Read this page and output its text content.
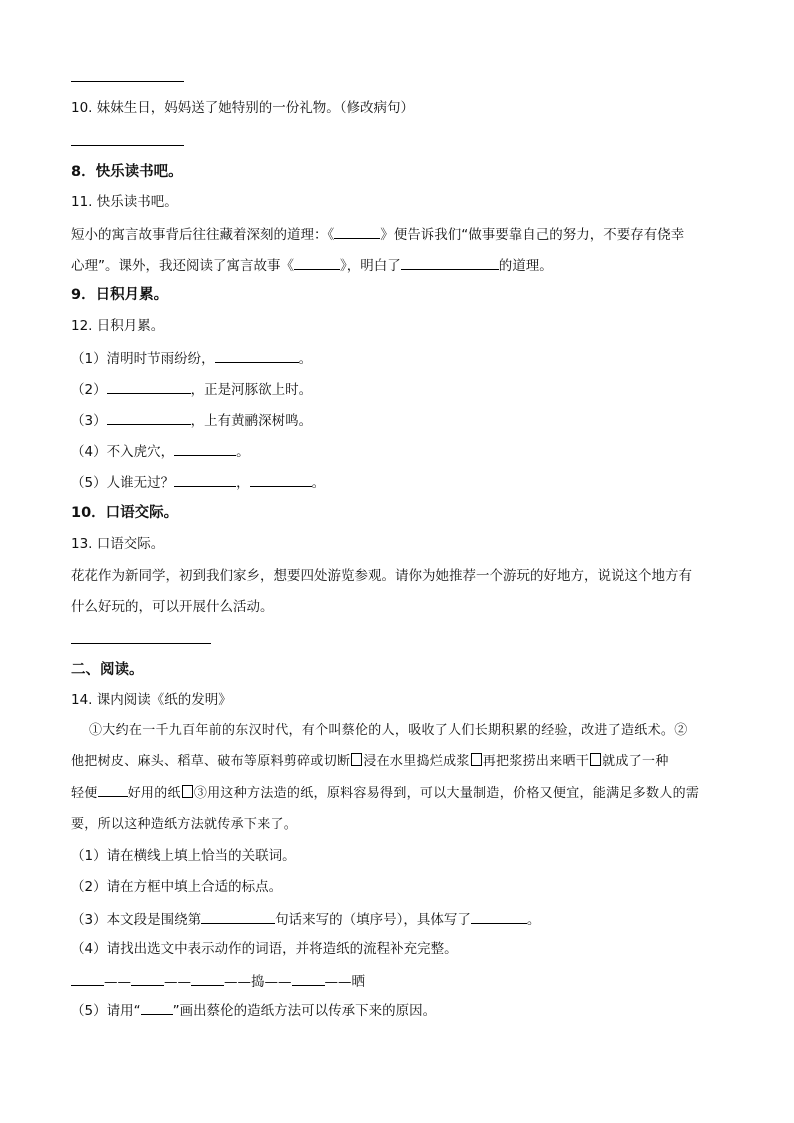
10. 妹妹生日，妈妈送了她特别的一份礼物。（修改病句）
8．快乐读书吧。
11. 快乐读书吧。
短小的寓言故事背后往往藏着深刻的道理：《	》便告诉我们“做事要靠自己的努力，不要存有侥幸
心理”。课外，我还阅读了寓言故事《	》，明白了	的道理。
9．日积月累。
12. 日积月累。
（1）清明时节雨纷纷，	。
（2）	，正是河豚欲上时。
（3）	，上有黄鹂深树鸣。
（4）不入虎穴，	。
（5）人谁无过？	，	。
10．口语交际。
13. 口语交际。
花花作为新同学，初到我们家乡，想要四处游览参观。请你为她推荐一个游玩的好地方，说说这个地方有
什么好玩的，可以开展什么活动。
二、阅读。
14. 课内阅读《纸的发明》
①大约在一千九百年前的东汉时代，有个叫蔡伦的人，吸收了人们长期积累的经验，改进了造纸术。②
他把树皮、麻头、稻草、破布等原料剪碎或切断 浸在水里捣烂成浆 再把浆捞出来晒干 就成了一种
轻便 好用的纸 ③用这种方法造的纸，原料容易得到，可以大量制造，价格又便宜，能满足多数人的需
要，所以这种造纸方法就传承下来了。
（1）请在横线上填上恰当的关联词。
（2）请在方框中填上合适的标点。
（3）本文段是围绕第	句话来写的（填序号），具体写了	。
（4）请找出选文中表示动作的词语，并将造纸的流程补充完整。
—— —— ——捣—— ——晒
（5）请用“ ”画出蔡伦的造纸方法可以传承下来的原因。
